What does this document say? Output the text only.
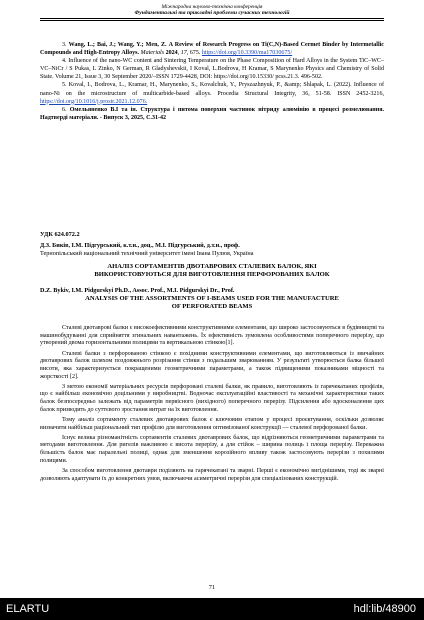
Міжнародна науково-технічна конференція
Фундаментальні та прикладні проблеми сучасних технологій

3. Wang, L.; Bai, J.; Wang, Y.; Men, Z. A Review of Research Progress on Ti(C,N)-Based Cermet Binder by Intermetallic Compounds and High-Entropy Alloys. Materials 2024, 17, 675. https://doi.org/10.3390/ma17030675/

4. Influence of the nano-WC content and Sintering Temperature on the Phase Composition of Hard Alloys in the System TiC–WC–VC–NiCr / S Pukas, L Zinko, N German, R Gladyshevskii, I Koval, L.Bodrova, H Kramar, S Marynenko Physics and Chemistry of Solid State. Volume 21, Issue 3, 30 September 2020/–ISSN 1729-4428, DOI: https://doi.org/10.15330/ pcss.21.3. 496-502.

5. Koval, I., Bodrova, L., Kramar, H., Marynenko, S., Kovalchuk, Y., Pryszazhnyuk, P., &amp; Shlapak, L. (2022). Influence of nano-Ni on the microstructure of multicarbide-based alloys. Procedia Structural Integrity, 36, 51-58. ISSN 2452-3216, https://doi.org/10.1016/j.prostr.2021.12.076.

6. Омельяненко В.І та ін. Структура і питома поверхня частинок нітриду алюмінію в процесі розмелювання. Надтверді матеріали. - Випуск 3, 2025, С.31-42

УДК 624.072.2
Д.З. Биків, І.М. Підгурський, к.т.н., доц., М.І. Підгурський, д.т.н., проф.
Тернопільський національний технічний університет імені Івана Пулюя, Україна
АНАЛІЗ СОРТАМЕНТІВ ДВОТАВРОВИХ СТАЛЕВИХ БАЛОК, ЯКІ
ВИКОРИСТОВУЮТЬСЯ ДЛЯ ВИГОТОВЛЕННЯ ПЕРФОРОВАНИХ БАЛОК
D.Z. Bykiv, I.M. Pidgurskyi Ph.D., Assoc. Prof., M.I. Pidgurskyi Dr., Prof.
ANALYSIS OF THE ASSORTMENTS OF I-BEAMS USED FOR THE MANUFACTURE
OF PERFORATED BEAMS

Сталеві двотаврові балки є високоефективними конструктивними елементами, що широко застосовуються в будівництві та машинобудуванні для сприйняття згинальних навантажень. Їх ефективність зумовлена особливостями поперечного перерізу, що утворений двома горизонтальними полицями та вертикальною стінкою[1].

Сталеві балки з перфорованою стінкою є похідними конструктивними елементами, що виготовляються із звичайних двотаврових балок шляхом поздовжнього розрізання стінки з подальшим зварюванням. У результаті утворюється балка більшої висоти, яка характеризується покращеними геометричними параметрами, а також підвищеними показниками міцності та жорсткості [2].

З метою економії матеріальних ресурсів перфоровані сталеві балки, як правило, виготовляють із гарячекатаних профілів, що є найбільш економічно доцільними у виробництві. Водночас експлуатаційні властивості та механічні характеристики таких балок безпосередньо залежать від параметрів первісного (вихідного) поперечного перерізу. Підсилення або вдосконалення цих балок призводить до суттєвого зростання витрат на їх виготовлення.

Тому аналіз сортаменту сталевих двотаврових балок є ключовим етапом у процесі проєктування, оскільки дозволяє визначити найбільш раціональний тип профілю для виготовлення оптимізованої конструкції — сталевої перфорованої балки.

Існує велика різноманітність сортаментів сталевих двотаврових балок, що відрізняються геометричними параметрами та методами виготовлення. Для ригелів важливою є висота перерізу, а для стійок – ширина полиць і площа перерізу. Переважна більшість балок має паралельні полиці, однак для зменшення корозійного впливу також застосовують перерізи з похилими полицями.

За способом виготовлення двотаври поділяють на гарячекатані та зварні. Перші є економічно вигіднішими, тоді як зварні дозволяють адаптувати їх до конкретних умов, включаючи асиметричні перерізи для спеціалізованих конструкцій.

71
ELARTU	hdl:lib/48900
